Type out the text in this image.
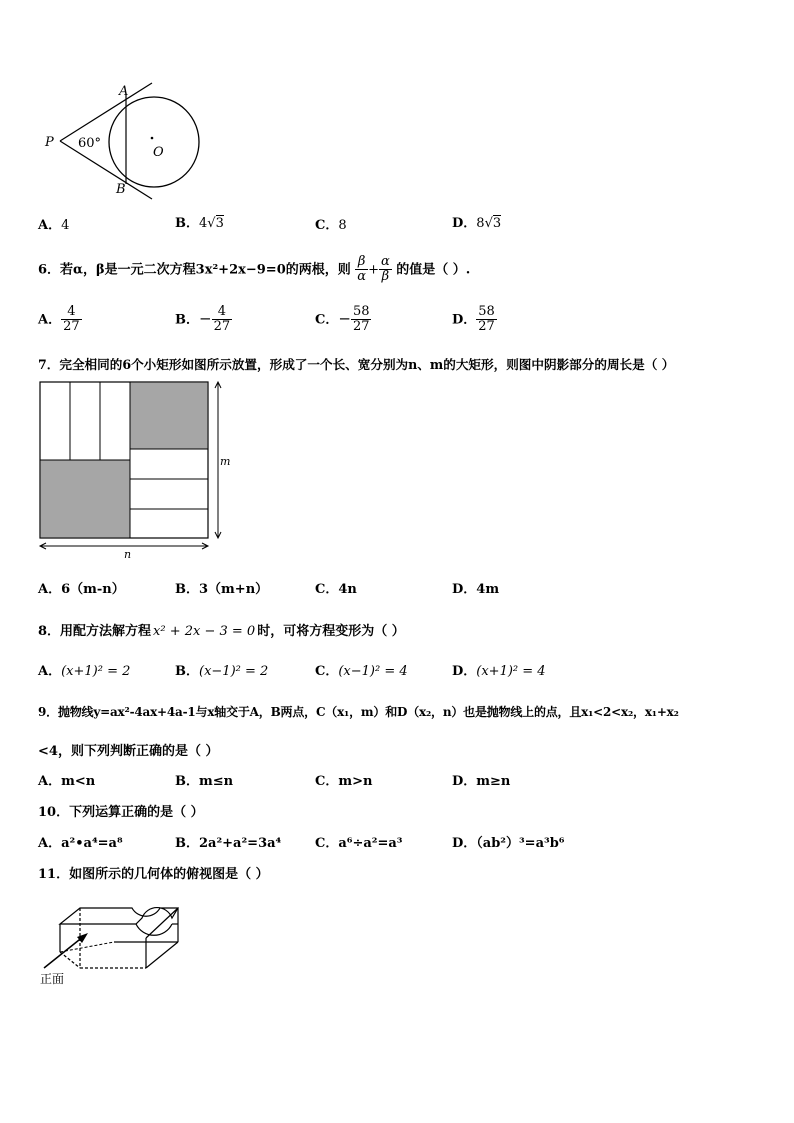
P
A
B
O
60°
A．4	B．4√3	C．8	D．8√3
6．若α，β是一元二次方程3x²+2x−9=0的两根，则 $\frac{\beta}{\alpha} + \frac{\alpha}{\beta}$ 的值是（ ）.
A． $\frac{4}{27}$	B．− $\frac{4}{27}$	C．− $\frac{58}{27}$	D． $\frac{58}{27}$
7．完全相同的6个小矩形如图所示放置，形成了一个长、宽分别为n、m的大矩形，则图中阴影部分的周长是（ ）
m
n
A．6（m-n）	B．3（m+n）	C．4n	D．4m
8．用配方法解方程 x² + 2x − 3 = 0 时，可将方程变形为（ ）
A．(x+1)² = 2	B．(x−1)² = 2	C．(x−1)² = 4	D．(x+1)² = 4
9．抛物线y=ax²-4ax+4a-1与x轴交于A，B两点，C（x₁，m）和D（x₂，n）也是抛物线上的点，且x₁<2<x₂，x₁+x₂
<4，则下列判断正确的是（ ）
A．m<n	B．m≤n	C．m>n	D．m≥n
10．下列运算正确的是（ ）
A．a²•a⁴=a⁸	B．2a²+a²=3a⁴	C．a⁶÷a²=a³	D．（ab²）³=a³b⁶
11．如图所示的几何体的俯视图是（ ）
正面
